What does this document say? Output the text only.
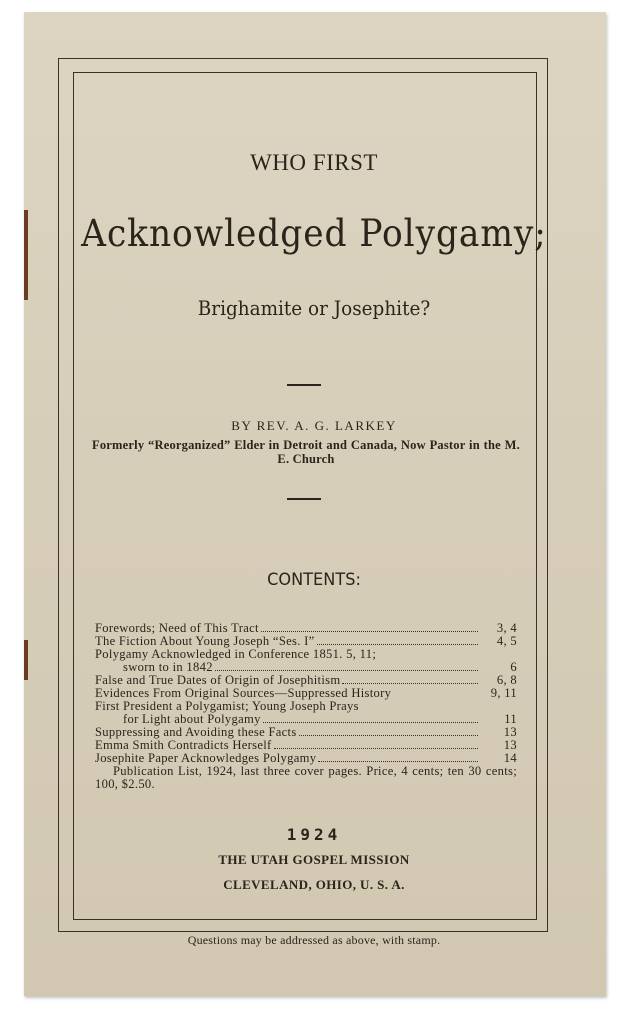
WHO FIRST
Acknowledged Polygamy;
Brighamite or Josephite?
BY REV. A. G. LARKEY
Formerly “Reorganized” Elder in Detroit and Canada, Now Pastor in the M. E. Church
CONTENTS:
Forewords; Need of This Tract	3, 4
The Fiction About Young Joseph “Ses. I”	4, 5
Polygamy Acknowledged in Conference 1851. 5, 11;
sworn to in 1842	6
False and True Dates of Origin of Josephitism	6, 8
Evidences From Original Sources—Suppressed History	9, 11
First President a Polygamist; Young Joseph Prays
for Light about Polygamy	11
Suppressing and Avoiding these Facts	13
Emma Smith Contradicts Herself	13
Josephite Paper Acknowledges Polygamy	14
Publication List, 1924, last three cover pages. Price, 4 cents; ten 30 cents; 100, $2.50.
1924
THE UTAH GOSPEL MISSION
CLEVELAND, OHIO, U. S. A.
Questions may be addressed as above, with stamp.
